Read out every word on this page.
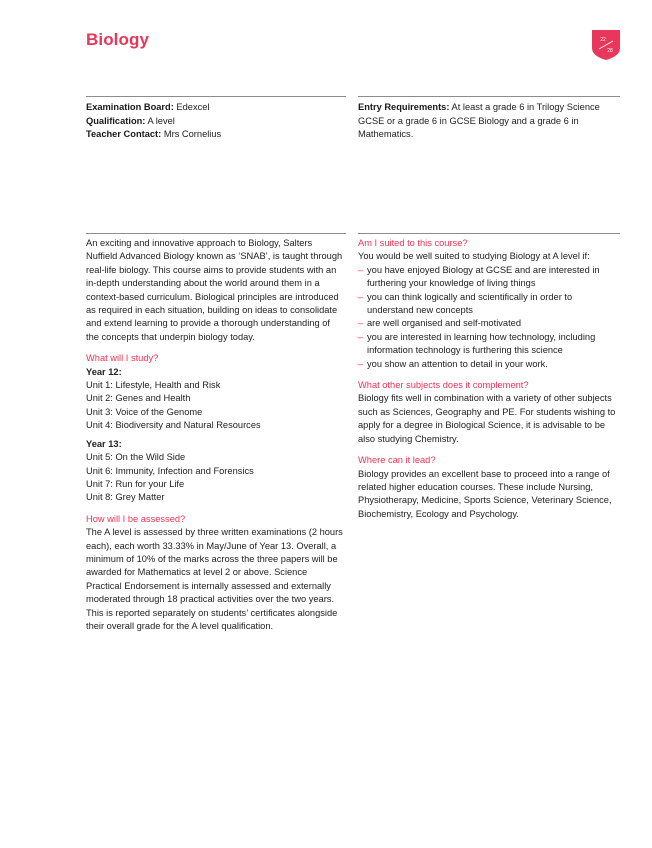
Biology	22
28
Examination Board: Edexcel
Qualification: A level
Teacher Contact: Mrs Cornelius
Entry Requirements: At least a grade 6 in Trilogy Science GCSE or a grade 6 in GCSE Biology and a grade 6 in Mathematics.

An exciting and innovative approach to Biology, Salters Nuffield Advanced Biology known as ‘SNAB’, is taught through real-life biology. This course aims to provide students with an in-depth understanding about the world around them in a context-based curriculum. Biological principles are introduced as required in each situation, building on ideas to consolidate and extend learning to provide a thorough understanding of the concepts that underpin biology today.

What will I study?

Year 12:

Unit 1: Lifestyle, Health and Risk
Unit 2: Genes and Health
Unit 3: Voice of the Genome
Unit 4: Biodiversity and Natural Resources

Year 13:

Unit 5: On the Wild Side
Unit 6: Immunity, Infection and Forensics
Unit 7: Run for your Life
Unit 8: Grey Matter

How will I be assessed?

The A level is assessed by three written examinations (2 hours each), each worth 33.33% in May/June of Year 13. Overall, a minimum of 10% of the marks across the three papers will be awarded for Mathematics at level 2 or above. Science Practical Endorsement is internally assessed and externally moderated through 18 practical activities over the two years. This is reported separately on students’ certificates alongside their overall grade for the A level qualification.

Am I suited to this course?

You would be well suited to studying Biology at A level if:

– you have enjoyed Biology at GCSE and are interested in furthering your knowledge of living things
– you can think logically and scientifically in order to understand new concepts
– are well organised and self-motivated
– you are interested in learning how technology, including information technology is furthering this science
– you show an attention to detail in your work.

What other subjects does it complement?

Biology fits well in combination with a variety of other subjects such as Sciences, Geography and PE. For students wishing to apply for a degree in Biological Science, it is advisable to be also studying Chemistry.

Where can it lead?

Biology provides an excellent base to proceed into a range of related higher education courses. These include Nursing, Physiotherapy, Medicine, Sports Science, Veterinary Science, Biochemistry, Ecology and Psychology.
